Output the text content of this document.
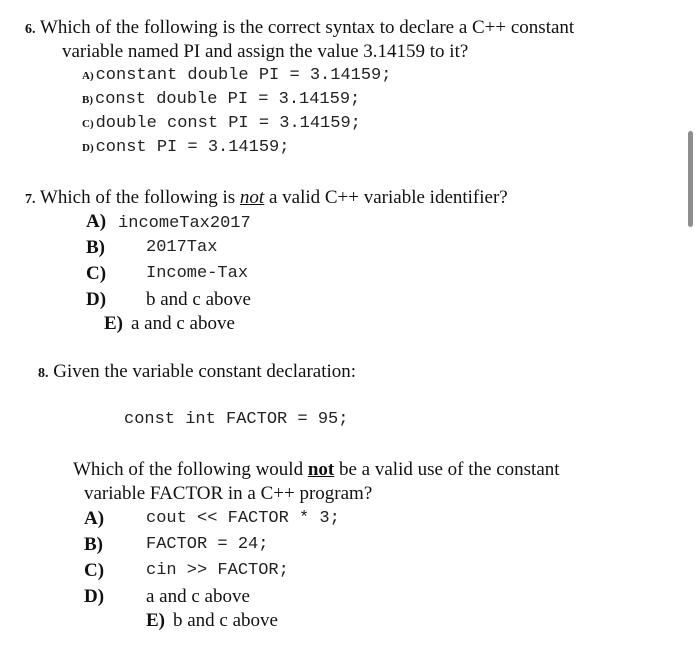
6. Which of the following is the correct syntax to declare a C++ constant
variable named PI and assign the value 3.14159 to it?
A) constant double PI = 3.14159;
B) const double PI = 3.14159;
C) double const PI = 3.14159;
D) const PI = 3.14159;
7. Which of the following is not a valid C++ variable identifier?
A) incomeTax2017
B) 2017Tax
C) Income-Tax
D) b and c above
E) a and c above
8. Given the variable constant declaration:
const int FACTOR = 95;
Which of the following would not be a valid use of the constant
variable FACTOR in a C++ program?
A) cout << FACTOR * 3;
B)	FACTOR = 24;
C) cin >> FACTOR;
D) a and c above
E) b and c above
